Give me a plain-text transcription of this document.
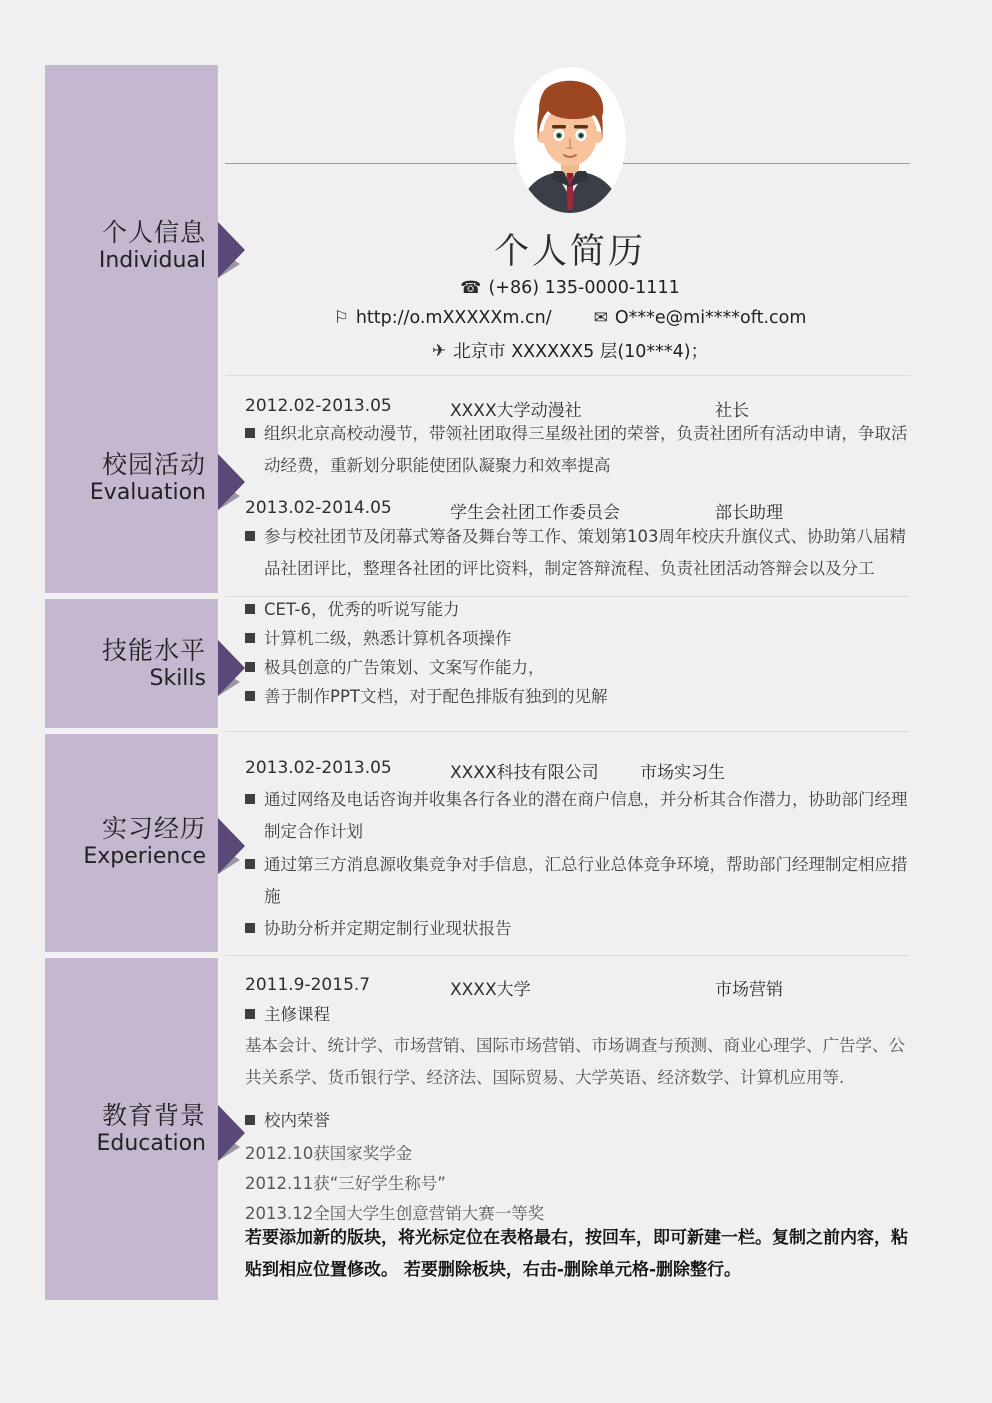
个人信息
Individual
校园活动
Evaluation
技能水平
Skills
实习经历
Experience
教育背景
Education
个人简历
☎ (+86) 135-0000-1111
⚐ http://o.mXXXXXm.cn/ ✉ O***e@mi****oft.com
✈ 北京市 XXXXXX5 层(10***4)；
2012.02-2013.05	XXXX大学动漫社	社长
组织北京高校动漫节，带领社团取得三星级社团的荣誉，负责社团所有活动申请，争取活动经费，重新划分职能使团队凝聚力和效率提高
2013.02-2014.05	学生会社团工作委员会	部长助理
参与校社团节及闭幕式筹备及舞台等工作、策划第103周年校庆升旗仪式、协助第八届精品社团评比，整理各社团的评比资料，制定答辩流程、负责社团活动答辩会以及分工
CET-6，优秀的听说写能力
计算机二级，熟悉计算机各项操作
极具创意的广告策划、文案写作能力，
善于制作PPT文档，对于配色排版有独到的见解
2013.02-2013.05	XXXX科技有限公司	市场实习生
通过网络及电话咨询并收集各行各业的潜在商户信息，并分析其合作潜力，协助部门经理制定合作计划
通过第三方消息源收集竞争对手信息，汇总行业总体竞争环境，帮助部门经理制定相应措施
协助分析并定期定制行业现状报告
2011.9-2015.7	XXXX大学	市场营销
主修课程
基本会计、统计学、市场营销、国际市场营销、市场调查与预测、商业心理学、广告学、公共关系学、货币银行学、经济法、国际贸易、大学英语、经济数学、计算机应用等.
校内荣誉
2012.10获国家奖学金
2012.11获“三好学生称号”
2013.12全国大学生创意营销大赛一等奖
若要添加新的版块，将光标定位在表格最右，按回车，即可新建一栏。复制之前内容，粘贴到相应位置修改。 若要删除板块，右击-删除单元格-删除整行。
